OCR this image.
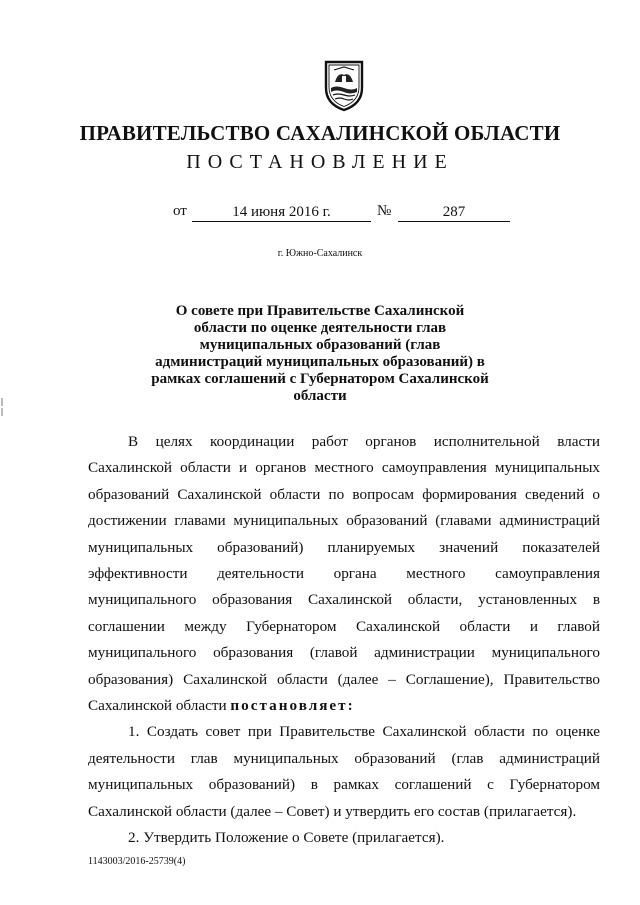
ПРАВИТЕЛЬСТВО САХАЛИНСКОЙ ОБЛАСТИ
ПОСТАНОВЛЕНИЕ
от	14 июня 2016 г.	№	287
г. Южно-Сахалинск
О совете при Правительстве Сахалинской области по оценке деятельности глав муниципальных образований (глав администраций муниципальных образований) в рамках соглашений с Губернатором Сахалинской области

В целях координации работ органов исполнительной власти Сахалинской области и органов местного самоуправления муниципальных образований Сахалинской области по вопросам формирования сведений о достижении главами муниципальных образований (главами администраций муниципальных образований) планируемых значений показателей эффективности деятельности органа местного самоуправления муниципального образования Сахалинской области, установленных в соглашении между Губернатором Сахалинской области и главой муниципального образования (главой администрации муниципального образования) Сахалинской области (далее – Соглашение), Правительство Сахалинской области постановляет:

1. Создать совет при Правительстве Сахалинской области по оценке деятельности глав муниципальных образований (глав администраций муниципальных образований) в рамках соглашений с Губернатором Сахалинской области (далее – Совет) и утвердить его состав (прилагается).

2. Утвердить Положение о Совете (прилагается).

1143003/2016-25739(4)
